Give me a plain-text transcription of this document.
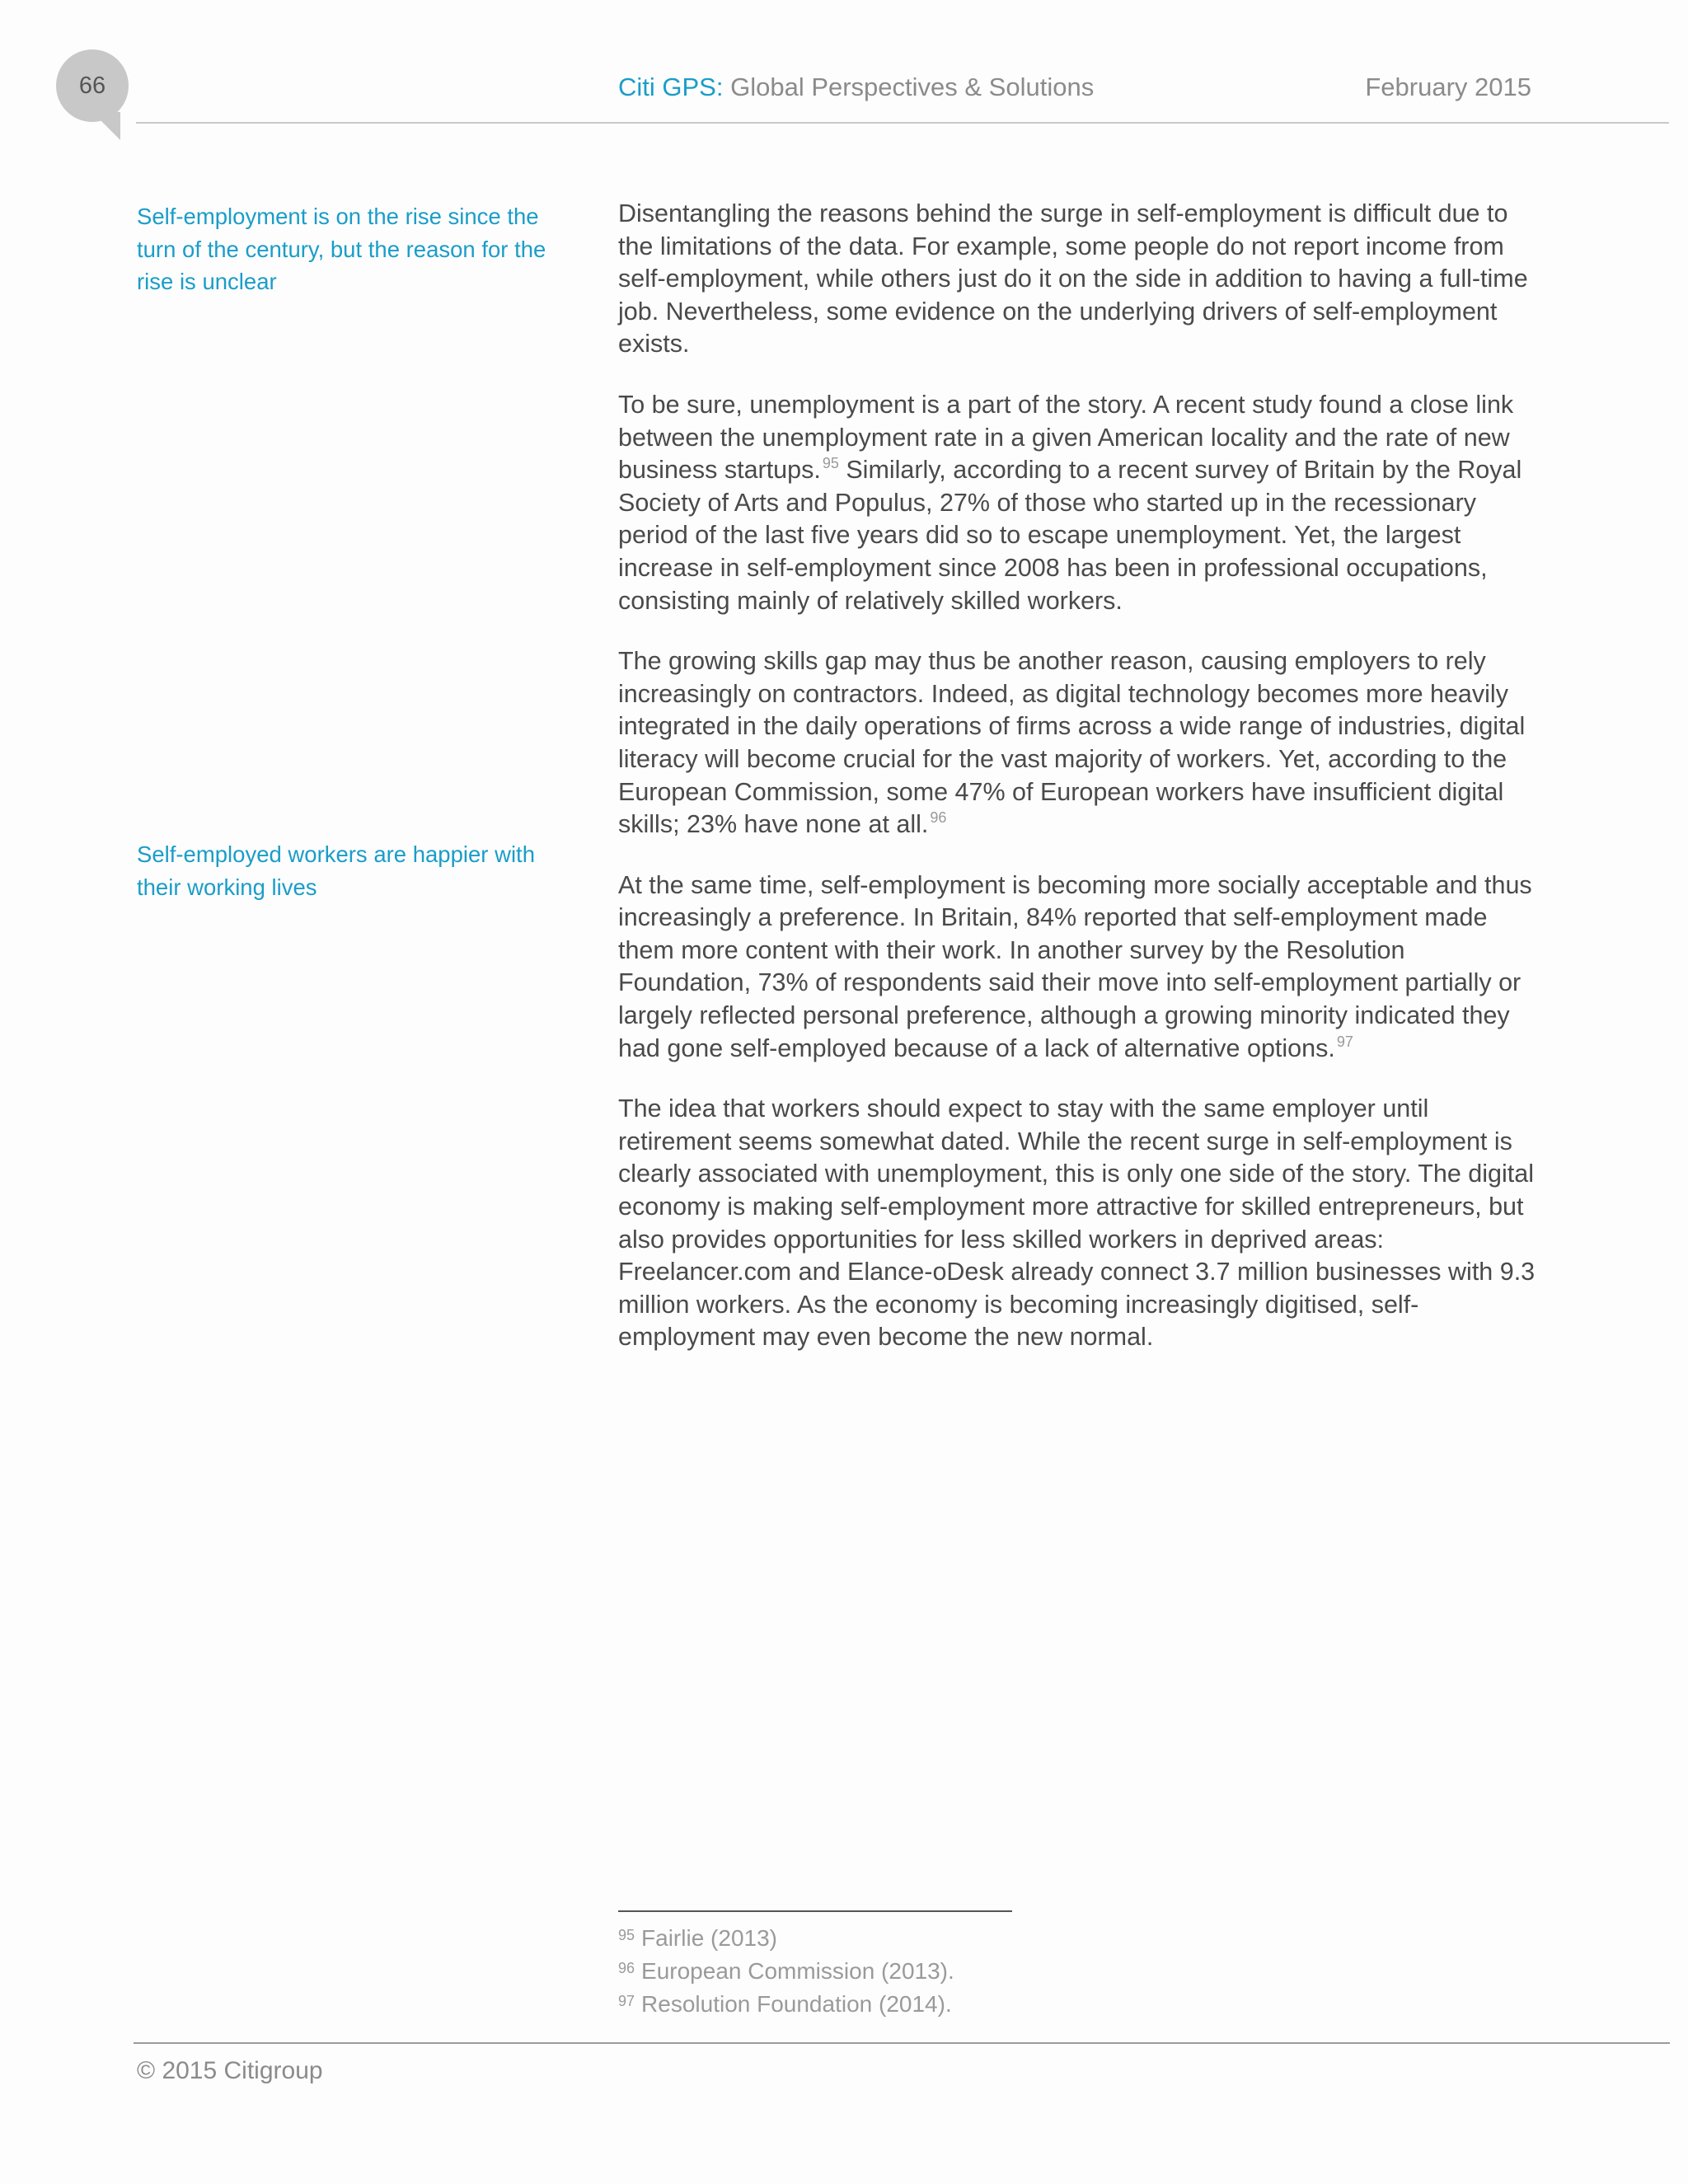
66	Citi GPS: Global Perspectives & Solutions	February 2015
Self-employment is on the rise since the turn of the century, but the reason for the rise is unclear
Self-employed workers are happier with their working lives

Disentangling the reasons behind the surge in self-employment is difficult due to the limitations of the data. For example, some people do not report income from self-employment, while others just do it on the side in addition to having a full-time job. Nevertheless, some evidence on the underlying drivers of self-employment exists.

To be sure, unemployment is a part of the story. A recent study found a close link between the unemployment rate in a given American locality and the rate of new business startups. $^{95}$ Similarly, according to a recent survey of Britain by the Royal Society of Arts and Populus, 27% of those who started up in the recessionary period of the last five years did so to escape unemployment. Yet, the largest increase in self-employment since 2008 has been in professional occupations, consisting mainly of relatively skilled workers.

The growing skills gap may thus be another reason, causing employers to rely increasingly on contractors. Indeed, as digital technology becomes more heavily integrated in the daily operations of firms across a wide range of industries, digital literacy will become crucial for the vast majority of workers. Yet, according to the European Commission, some 47% of European workers have insufficient digital skills; 23% have none at all. $^{96}$

At the same time, self-employment is becoming more socially acceptable and thus increasingly a preference. In Britain, 84% reported that self-employment made them more content with their work. In another survey by the Resolution Foundation, 73% of respondents said their move into self-employment partially or largely reflected personal preference, although a growing minority indicated they had gone self-employed because of a lack of alternative options. $^{97}$

The idea that workers should expect to stay with the same employer until retirement seems somewhat dated. While the recent surge in self-employment is clearly associated with unemployment, this is only one side of the story. The digital economy is making self-employment more attractive for skilled entrepreneurs, but also provides opportunities for less skilled workers in deprived areas: Freelancer.com and Elance-oDesk already connect 3.7 million businesses with 9.3 million workers. As the economy is becoming increasingly digitised, self-employment may even become the new normal.

$^{95}$ Fairlie (2013)
$^{96}$ European Commission (2013).
$^{97}$ Resolution Foundation (2014).
© 2015 Citigroup
